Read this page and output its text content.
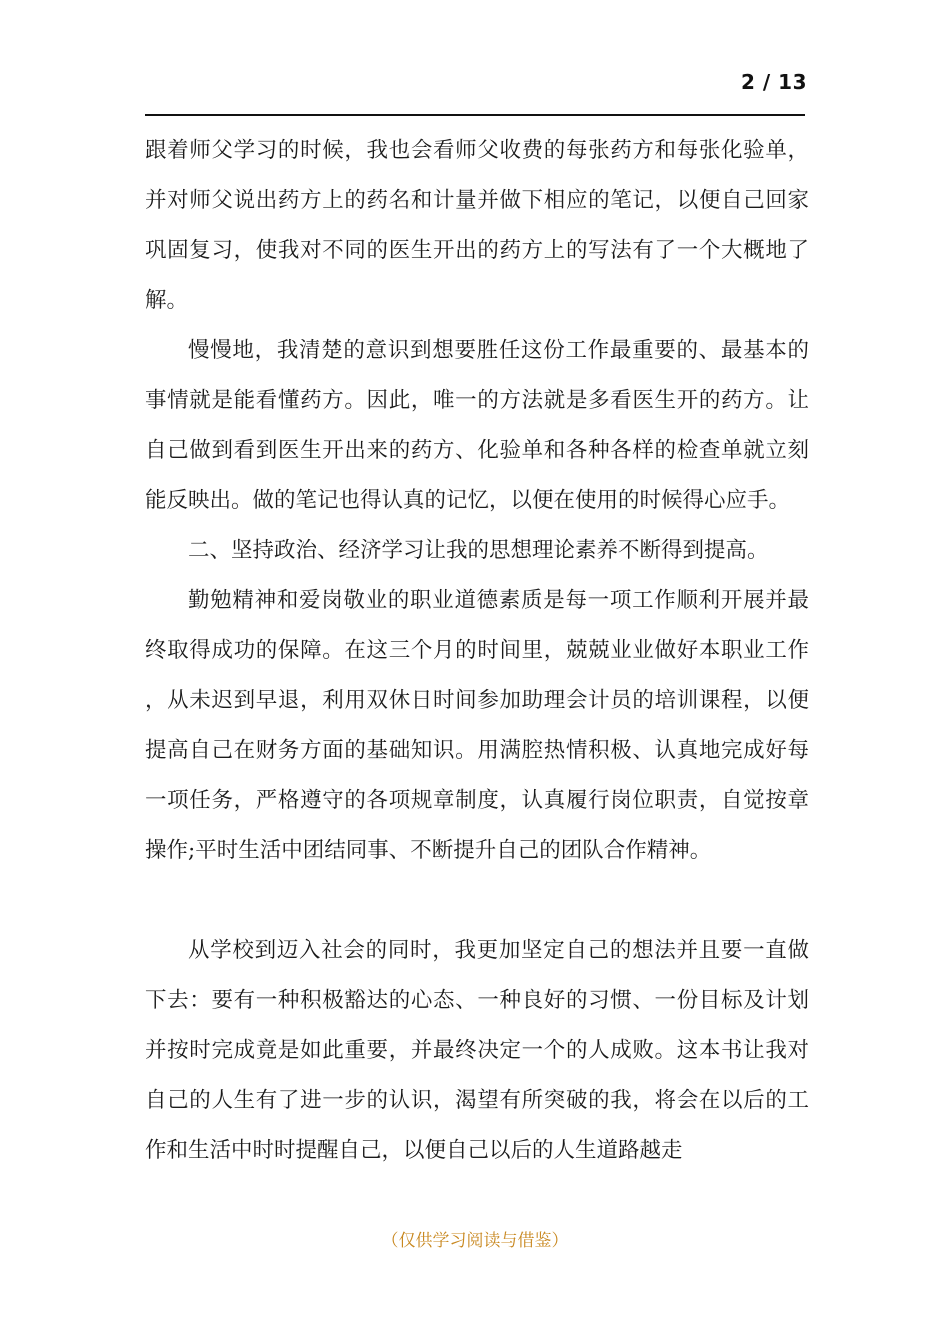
2 / 13

跟着师父学习的时候，我也会看师父收费的每张药方和每张化验单，并对师父说出药方上的药名和计量并做下相应的笔记，以便自己回家巩固复习，使我对不同的医生开出的药方上的写法有了一个大概地了解。

慢慢地，我清楚的意识到想要胜任这份工作最重要的、最基本的事情就是能看懂药方。因此，唯一的方法就是多看医生开的药方。让自己做到看到医生开出来的药方、化验单和各种各样的检查单就立刻能反映出。做的笔记也得认真的记忆，以便在使用的时候得心应手。

二、坚持政治、经济学习让我的思想理论素养不断得到提高。

勤勉精神和爱岗敬业的职业道德素质是每一项工作顺利开展并最终取得成功的保障。在这三个月的时间里，兢兢业业做好本职业工作，从未迟到早退，利用双休日时间参加助理会计员的培训课程，以便提高自己在财务方面的基础知识。用满腔热情积极、认真地完成好每一项任务，严格遵守的各项规章制度，认真履行岗位职责，自觉按章操作;平时生活中团结同事、不断提升自己的团队合作精神。

从学校到迈入社会的同时，我更加坚定自己的想法并且要一直做下去：要有一种积极豁达的心态、一种良好的习惯、一份目标及计划并按时完成竟是如此重要，并最终决定一个的人成败。这本书让我对自己的人生有了进一步的认识，渴望有所突破的我，将会在以后的工作和生活中时时提醒自己，以便自己以后的人生道路越走

（仅供学习阅读与借鉴）
